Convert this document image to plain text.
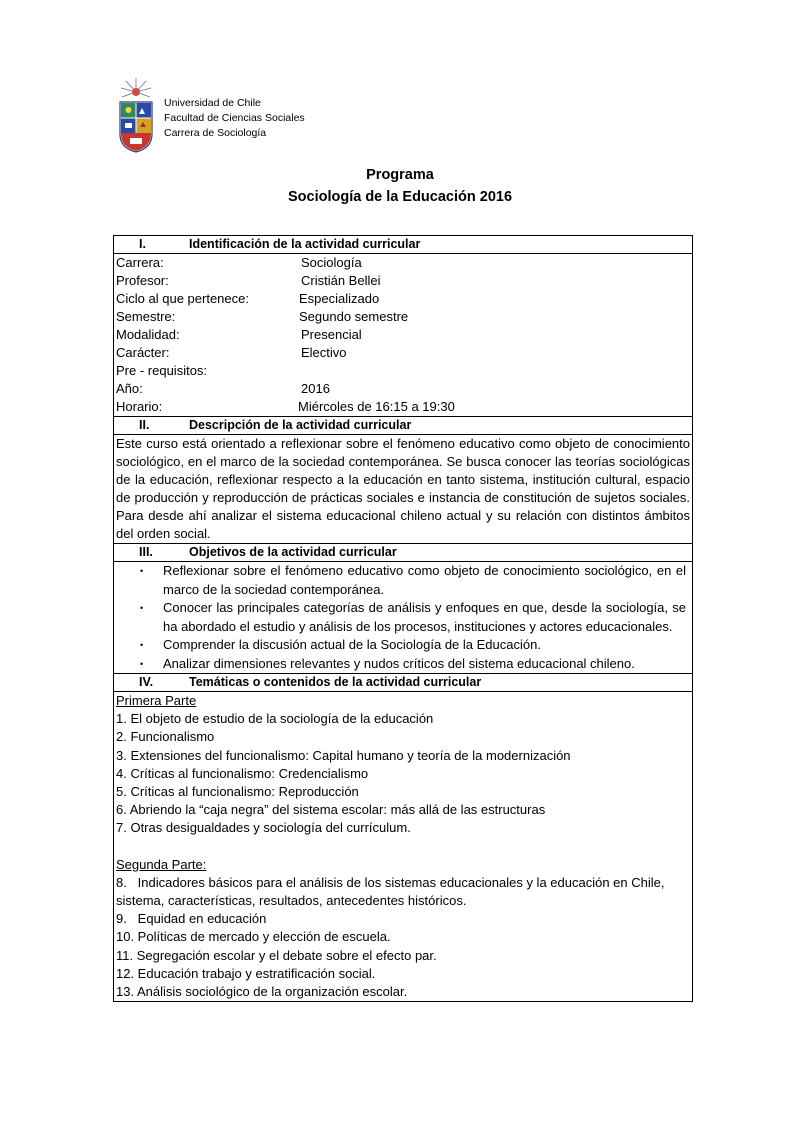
Universidad de Chile
Facultad de Ciencias Sociales
Carrera de Sociología
Programa
Sociología de la Educación 2016
I.	Identificación de la actividad curricular
Carrera:	Sociología
Profesor:	Cristián Bellei
Ciclo al que pertenece:	Especializado
Semestre:	Segundo semestre
Modalidad:	Presencial
Carácter:	Electivo
Pre - requisitos:
Año:	2016
Horario:	Miércoles de 16:15 a 19:30
II.	Descripción de la actividad curricular
Este curso está orientado a reflexionar sobre el fenómeno educativo como objeto de conocimiento sociológico, en el marco de la sociedad contemporánea. Se busca conocer las teorías sociológicas de la educación, reflexionar respecto a la educación en tanto sistema, institución cultural, espacio de producción y reproducción de prácticas sociales e instancia de constitución de sujetos sociales. Para desde ahí analizar el sistema educacional chileno actual y su relación con distintos ámbitos del orden social.
III.	Objetivos de la actividad curricular
• Reflexionar sobre el fenómeno educativo como objeto de conocimiento sociológico, en el marco de la sociedad contemporánea.
• Conocer las principales categorías de análisis y enfoques en que, desde la sociología, se ha abordado el estudio y análisis de los procesos, instituciones y actores educacionales.
• Comprender la discusión actual de la Sociología de la Educación.
• Analizar dimensiones relevantes y nudos críticos del sistema educacional chileno.
IV.	Temáticas o contenidos de la actividad curricular
Primera Parte
1. El objeto de estudio de la sociología de la educación
2. Funcionalismo
3. Extensiones del funcionalismo: Capital humano y teoría de la modernización
4. Críticas al funcionalismo: Credencialismo
5. Críticas al funcionalismo: Reproducción
6. Abriendo la “caja negra” del sistema escolar: más allá de las estructuras
7. Otras desigualdades y sociología del currículum.
Segunda Parte:
8.   Indicadores básicos para el análisis de los sistemas educacionales y la educación en Chile, sistema, características, resultados, antecedentes históricos.
9.   Equidad en educación
10. Políticas de mercado y elección de escuela.
11. Segregación escolar y el debate sobre el efecto par.
12. Educación trabajo y estratificación social.
13. Análisis sociológico de la organización escolar.
